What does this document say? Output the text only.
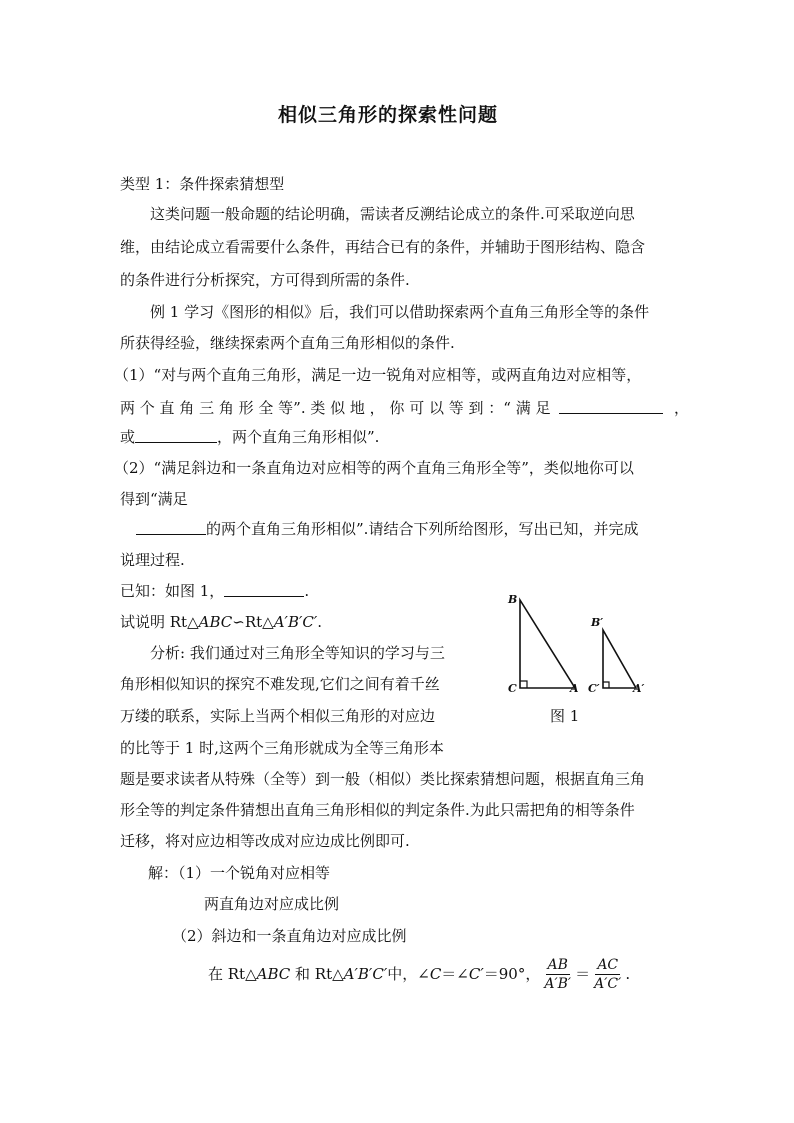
相似三角形的探索性问题
类型 1：条件探索猜想型
这类问题一般命题的结论明确，需读者反溯结论成立的条件.可采取逆向思
维，由结论成立看需要什么条件，再结合已有的条件，并辅助于图形结构、隐含
的条件进行分析探究，方可得到所需的条件.
例 1 学习《图形的相似》后，我们可以借助探索两个直角三角形全等的条件
所获得经验，继续探索两个直角三角形相似的条件.
（1）“对与两个直角三角形，满足一边一锐角对应相等，或两直角边对应相等，
两 个 直 角 三 角 形 全 等”. 类 似 地 ， 你 可 以 等 到 ：“ 满 足	，
或	，两个直角三角形相似”.
（2）“满足斜边和一条直角边对应相等的两个直角三角形全等”，类似地你可以
得到“满足
的两个直角三角形相似”.请结合下列所给图形，写出已知，并完成
说理过程.
已知：如图 1，	.
试说明 Rt△ABC∽Rt△A′B′C′.
分析: 我们通过对三角形全等知识的学习与三
角形相似知识的探究不难发现,它们之间有着千丝
万缕的联系，实际上当两个相似三角形的对应边
的比等于 1 时,这两个三角形就成为全等三角形本
题是要求读者从特殊（全等）到一般（相似）类比探索猜想问题，根据直角三角
形全等的判定条件猜想出直角三角形相似的判定条件.为此只需把角的相等条件
迁移，将对应边相等改成对应边成比例即可.
解：（1）一个锐角对应相等
两直角边对应成比例
（2）斜边和一条直角边对应成比例
在 Rt△ ABC 和 Rt△ A′B′C′ 中，∠ C ＝∠ C′ ＝90°， $\frac{AB}{A'B'} = \frac{AC}{A'C'}$ .
B
C	A
B′
C′	A′
图 1
